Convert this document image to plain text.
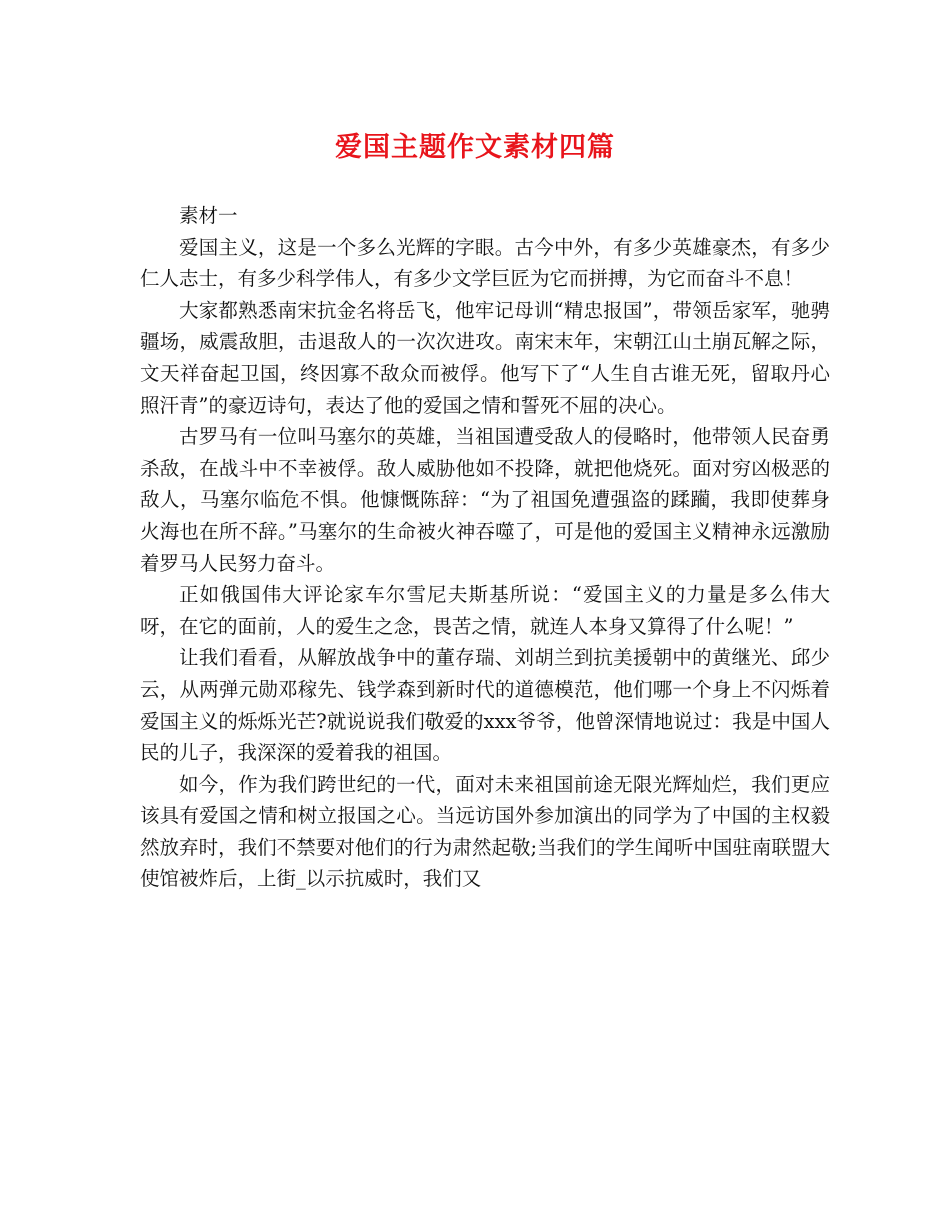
爱国主题作文素材四篇

素材一

爱国主义，这是一个多么光辉的字眼。古今中外，有多少英雄豪杰，有多少仁人志士，有多少科学伟人，有多少文学巨匠为它而拼搏，为它而奋斗不息！

大家都熟悉南宋抗金名将岳飞，他牢记母训“精忠报国”，带领岳家军，驰骋疆场，威震敌胆，击退敌人的一次次进攻。南宋末年，宋朝江山土崩瓦解之际，文天祥奋起卫国，终因寡不敌众而被俘。他写下了“人生自古谁无死，留取丹心照汗青”的豪迈诗句，表达了他的爱国之情和誓死不屈的决心。

古罗马有一位叫马塞尔的英雄，当祖国遭受敌人的侵略时，他带领人民奋勇杀敌，在战斗中不幸被俘。敌人威胁他如不投降，就把他烧死。面对穷凶极恶的敌人，马塞尔临危不惧。他慷慨陈辞：“为了祖国免遭强盗的蹂躏，我即使葬身火海也在所不辞。”马塞尔的生命被火神吞噬了，可是他的爱国主义精神永远激励着罗马人民努力奋斗。

正如俄国伟大评论家车尔雪尼夫斯基所说：“爱国主义的力量是多么伟大呀，在它的面前，人的爱生之念，畏苦之情，就连人本身又算得了什么呢！”

让我们看看，从解放战争中的董存瑞、刘胡兰到抗美援朝中的黄继光、邱少云，从两弹元勋邓稼先、钱学森到新时代的道德模范，他们哪一个身上不闪烁着爱国主义的烁烁光芒?就说说我们敬爱的xxx爷爷，他曾深情地说过：我是中国人民的儿子，我深深的爱着我的祖国。

如今，作为我们跨世纪的一代，面对未来祖国前途无限光辉灿烂，我们更应该具有爱国之情和树立报国之心。当远访国外参加演出的同学为了中国的主权毅然放弃时，我们不禁要对他们的行为肃然起敬;当我们的学生闻听中国驻南联盟大使馆被炸后，上街_以示抗威时，我们又
